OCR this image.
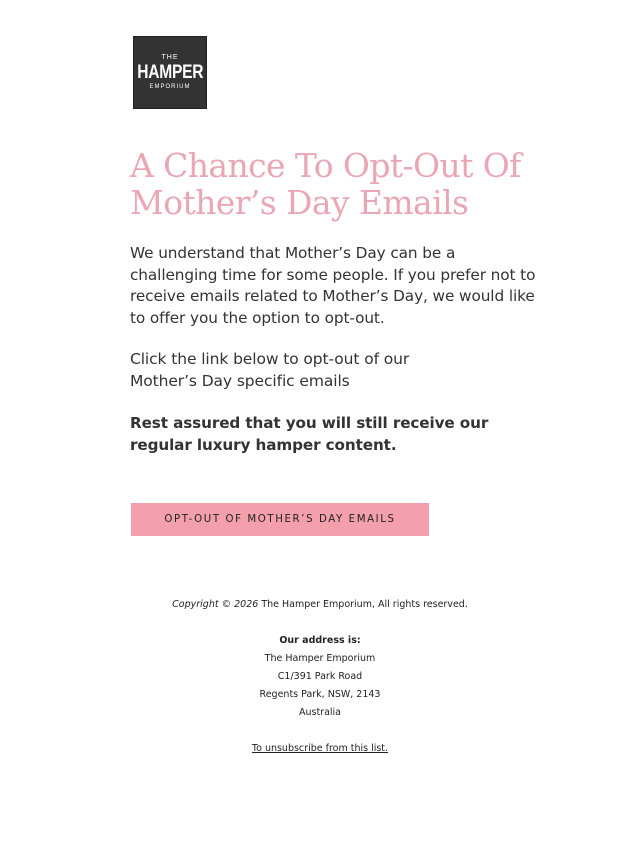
THE
HAMPER
EMPORIUM
A Chance To Opt-Out Of Mother’s Day Emails

We understand that Mother’s Day can be a challenging time for some people. If you prefer not to receive emails related to Mother’s Day, we would like to offer you the option to opt-out.

Click the link below to opt-out of our Mother’s Day specific emails

Rest assured that you will still receive our regular luxury hamper content.

OPT-OUT OF MOTHER’S DAY EMAILS
Copyright © 2026 The Hamper Emporium, All rights reserved.
Our address is:
The Hamper Emporium
C1/391 Park Road
Regents Park, NSW, 2143
Australia
To unsubscribe from this list.
